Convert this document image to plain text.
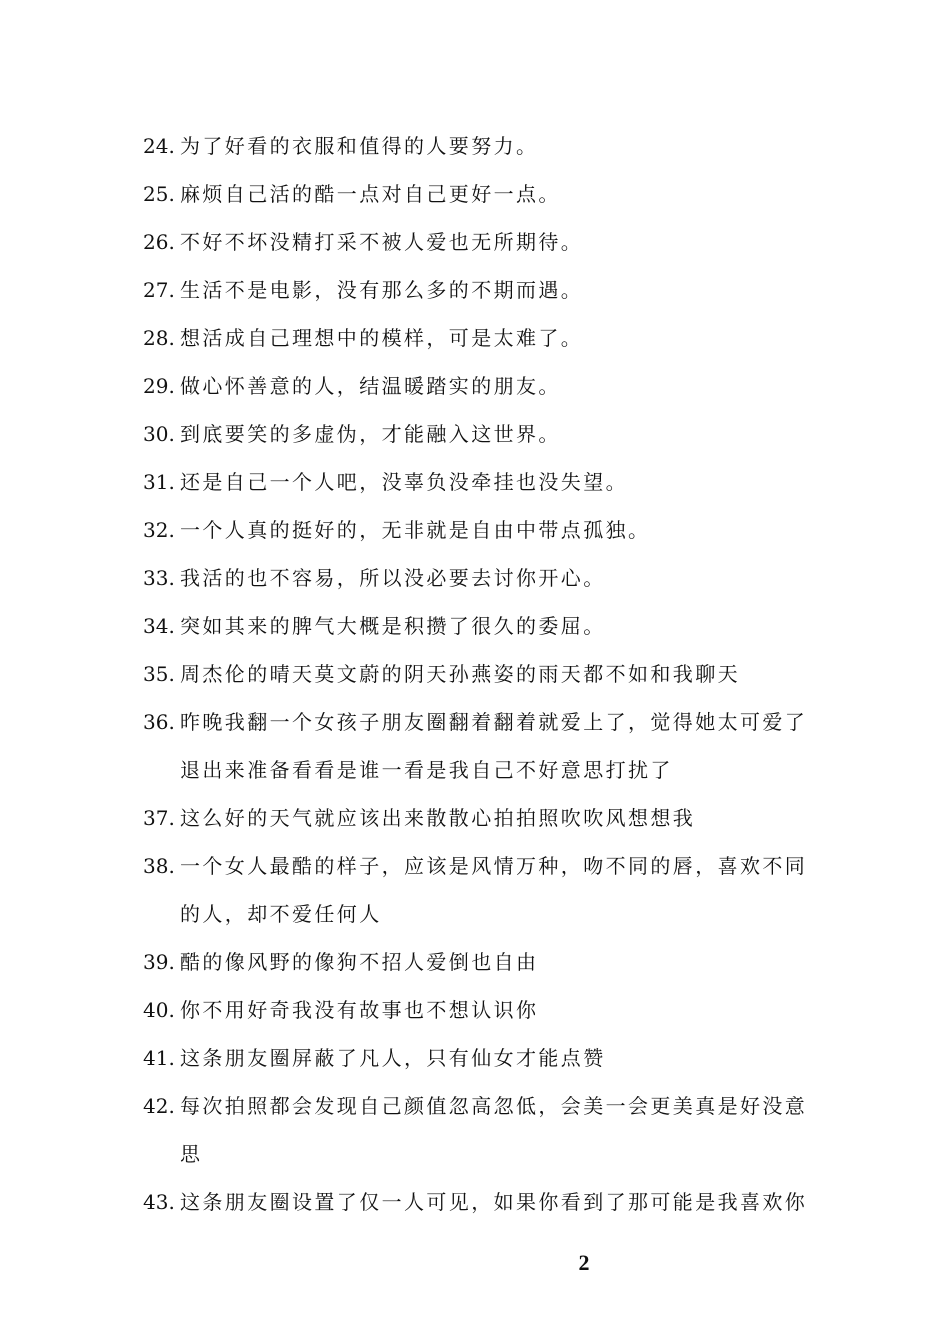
24. 为了好看的衣服和值得的人要努力。
25. 麻烦自己活的酷一点对自己更好一点。
26. 不好不坏没精打采不被人爱也无所期待。
27. 生活不是电影，没有那么多的不期而遇。
28. 想活成自己理想中的模样，可是太难了。
29. 做心怀善意的人，结温暖踏实的朋友。
30. 到底要笑的多虚伪，才能融入这世界。
31. 还是自己一个人吧，没辜负没牵挂也没失望。
32. 一个人真的挺好的，无非就是自由中带点孤独。
33. 我活的也不容易，所以没必要去讨你开心。
34. 突如其来的脾气大概是积攒了很久的委屈。
35. 周杰伦的晴天莫文蔚的阴天孙燕姿的雨天都不如和我聊天
36. 昨晚我翻一个女孩子朋友圈翻着翻着就爱上了，觉得她太可爱了
退出来准备看看是谁一看是我自己不好意思打扰了
37. 这么好的天气就应该出来散散心拍拍照吹吹风想想我
38. 一个女人最酷的样子，应该是风情万种，吻不同的唇，喜欢不同
的人，却不爱任何人
39. 酷的像风野的像狗不招人爱倒也自由
40. 你不用好奇我没有故事也不想认识你
41. 这条朋友圈屏蔽了凡人，只有仙女才能点赞
42. 每次拍照都会发现自己颜值忽高忽低，会美一会更美真是好没意
思
43. 这条朋友圈设置了仅一人可见，如果你看到了那可能是我喜欢你
2
